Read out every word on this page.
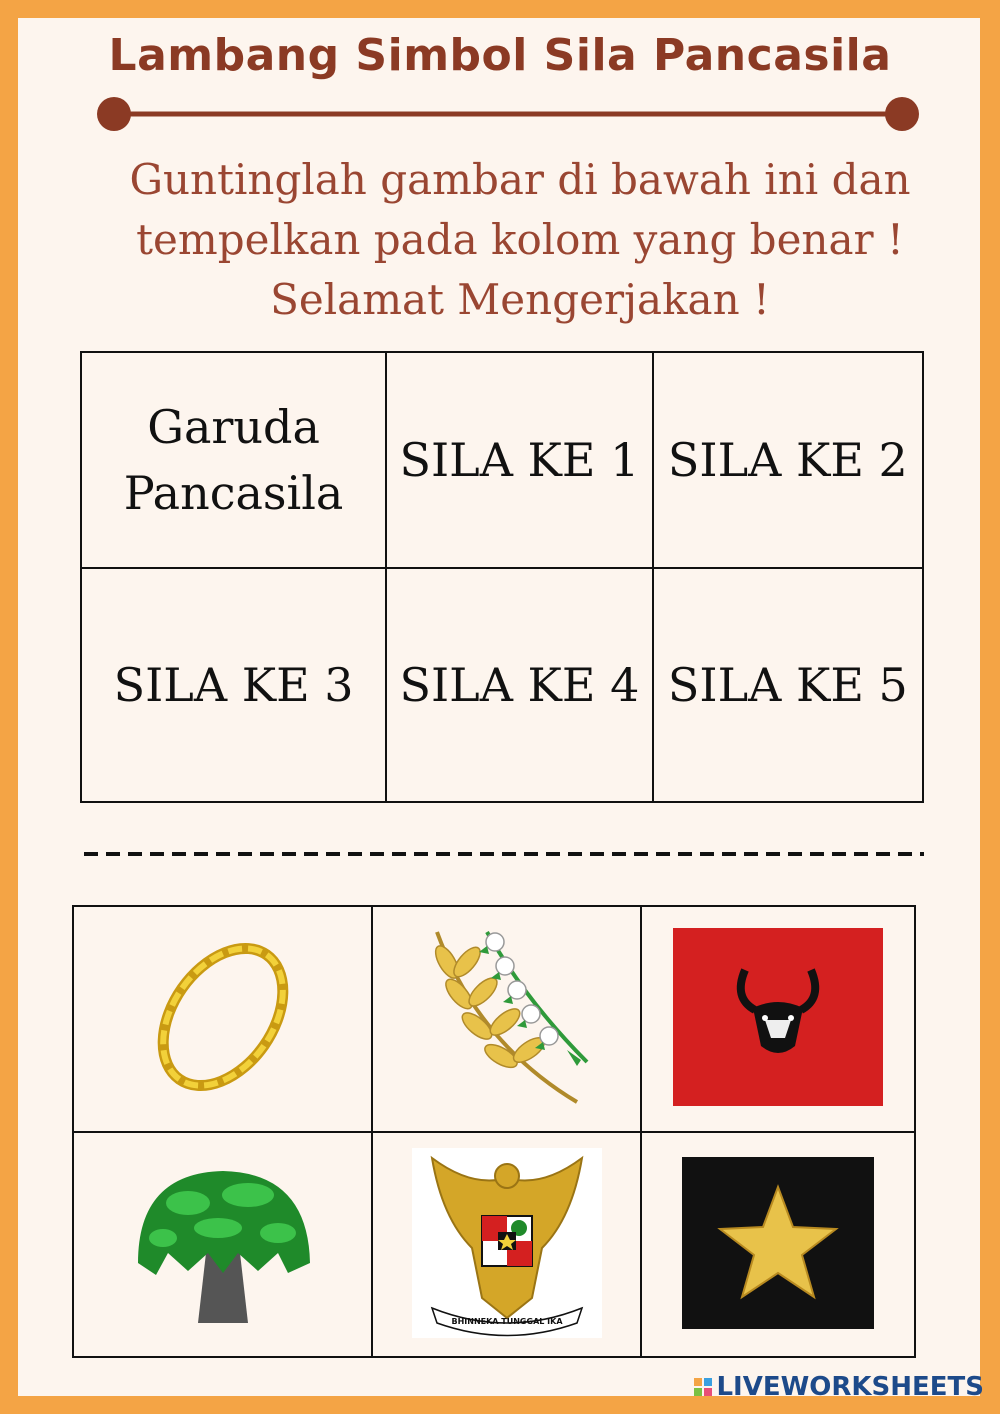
Lambang Simbol Sila Pancasila
Guntinglah gambar di bawah ini dan
tempelkan pada kolom yang benar !
Selamat Mengerjakan !
Garuda Pancasila	SILA KE 1	SILA KE 2
SILA KE 3	SILA KE 4	SILA KE 5

BHINNEKA TUNGGAL IKA

LIVEWORKSHEETS
